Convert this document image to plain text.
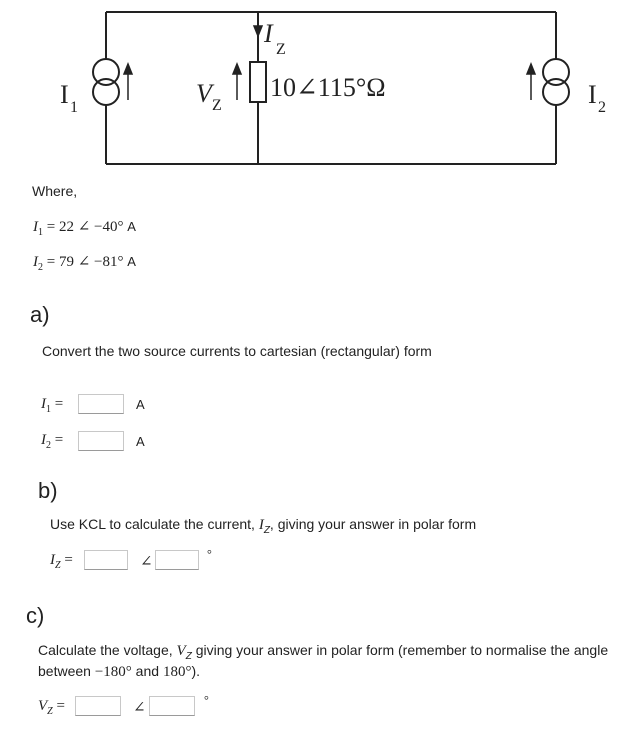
I 1	I 2
I
Z
V Z
10∠115°Ω
Where,
$I_1 = 22$ ∠ −40° A
$I_2 = 79$ ∠ −81° A
a)
Convert the two source currents to cartesian (rectangular) form
$I_1$ =	A
$I_2$ =	A
b)
Use KCL to calculate the current, $I_Z$, giving your answer in polar form
$I_Z$ =	∠	°
c)
Calculate the voltage, $V_Z$ giving your answer in polar form (remember to normalise the angle
between −180° and 180°).
$V_Z$ =	∠	°
